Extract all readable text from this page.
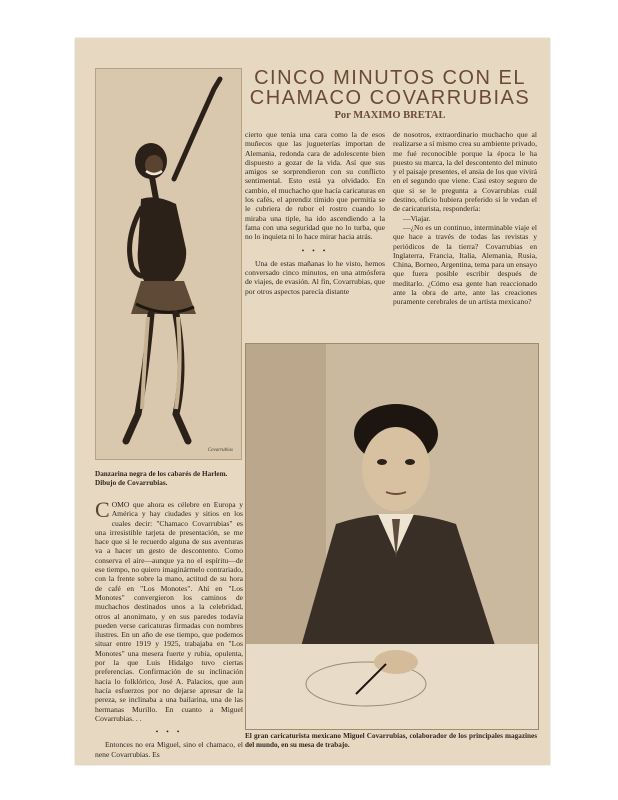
Covarrubias
Danzarina negra de los cabarés de Harlem. Dibujo de Covarrubias.
CINCO MINUTOS CON EL
CHAMACO COVARRUBIAS
Por MAXIMO BRETAL

cierto que tenía una cara como la de esos muñecos que las jugueterías importan de Alemania, redonda cara de adolescente bien dispuesto a gozar de la vida. Así que sus amigos se sorprendieron con su conflicto sentimental. Esto está ya olvidado. En cambio, el muchacho que hacía caricaturas en los cafés, el aprendiz tímido que permitía se le cubriera de rubor el rostro cuando lo miraba una tiple, ha ido ascendiendo a la fama con una seguridad que no lo turba, que no lo inquieta ni lo hace mirar hacia atrás.

• • •

Una de estas mañanas lo he visto, hemos conversado cinco minutos, en una atmósfera de viajes, de evasión. Al fin, Covarrubias, que por otros aspectos parecía distante

de nosotros, extraordinario muchacho que al realizarse a sí mismo crea su ambiente privado, me fué reconocible porque la época le ha puesto su marca, la del descontento del minuto y el paisaje presentes, el ansia de los que vivirá en el segundo que viene. Casi estoy seguro de que si se le pregunta a Covarrubias cuál destino, oficio hubiera preferido si le vedan el de caricaturista, respondería:

—Viajar.

—¿No es un continuo, interminable viaje el que hace a través de todas las revistas y periódicos de la tierra? Covarrubias en Inglaterra, Francia, Italia, Alemania, Rusia, China, Borneo, Argentina, tema para un ensayo que fuera posible escribir después de meditarlo. ¿Cómo esa gente han reaccionado ante la obra de arte, ante las creaciones puramente cerebrales de un artista mexicano?

El gran caricaturista mexicano Miguel Covarrubias, colaborador de los principales magazines del mundo, en su mesa de trabajo.

COMO que ahora es célebre en Europa y América y hay ciudades y sitios en los cuales decir: "Chamaco Covarrubias" es una irresistible tarjeta de presentación, se me hace que si le recuerdo alguna de sus aventuras va a hacer un gesto de descontento. Como conserva el aire—aunque ya no el espíritu—de ese tiempo, no quiero imaginármelo contrariado, con la frente sobre la mano, actitud de su hora de café en "Los Monotes". Ahí en "Los Monotes" convergieron los caminos de muchachos destinados unos a la celebridad, otros al anonimato, y en sus paredes todavía pueden verse caricaturas firmadas con nombres ilustres. En un año de ese tiempo, que podemos situar entre 1919 y 1925, trabajaba en "Los Monotes" una mesera fuerte y rubia, opulenta, por la que Luis Hidalgo tuvo ciertas preferencias. Confirmación de su inclinación hacia lo folklórico, José A. Palacios, que aun hacía esfuerzos por no dejarse apresar de la pereza, se inclinaba a una bailarina, una de las hermanas Murillo. En cuanto a Miguel Covarrubias. . .

• • •

Entonces no era Miguel, sino el chamaco, el nene Covarrubias. Es
